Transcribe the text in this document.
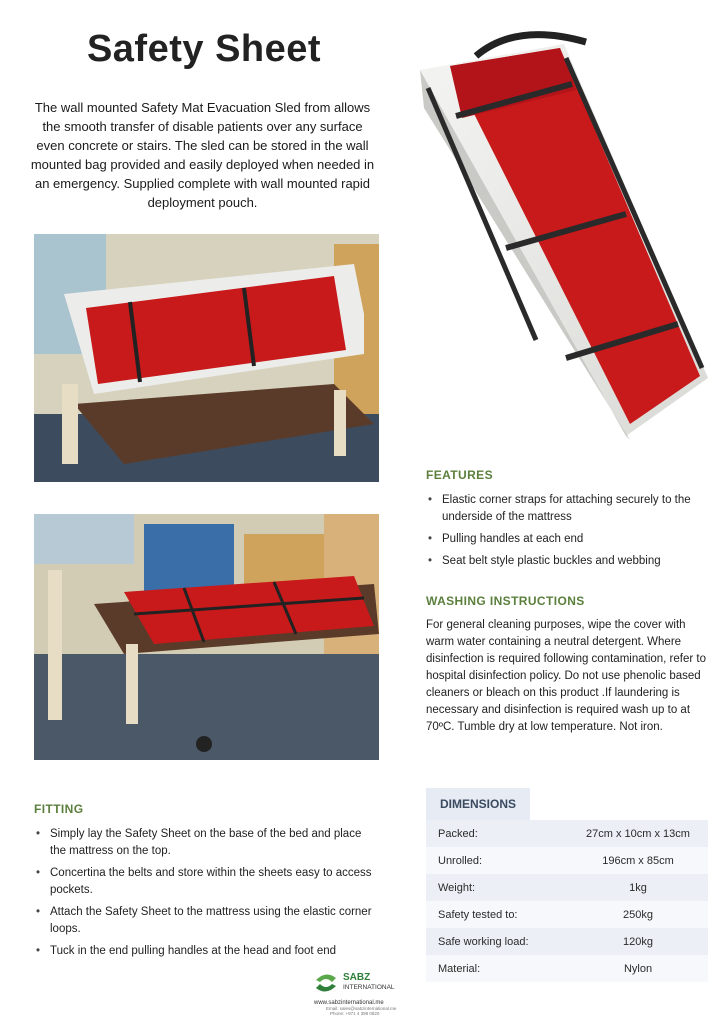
Safety Sheet
The wall mounted Safety Mat Evacuation Sled from allows the smooth transfer of disable patients over any surface even concrete or stairs. The sled can be stored in the wall mounted bag provided and easily deployed when needed in an emergency. Supplied complete with wall mounted rapid deployment pouch.
FEATURES
• Elastic corner straps for attaching securely to the underside of the mattress
• Pulling handles at each end
• Seat belt style plastic buckles and webbing
WASHING INSTRUCTIONS
For general cleaning purposes, wipe the cover with warm water containing a neutral detergent. Where disinfection is required following contamination, refer to hospital disinfection policy. Do not use phenolic based cleaners or bleach on this product .If laundering is necessary and disinfection is required wash up to at 70ºC. Tumble dry at low temperature. Not iron.
FITTING
• Simply lay the Safety Sheet on the base of the bed and place the mattress on the top.
• Concertina the belts and store within the sheets easy to access pockets.
• Attach the Safety Sheet to the mattress using the elastic corner loops.
• Tuck in the end pulling handles at the head and foot end
DIMENSIONS
Packed:	27cm x 10cm x 13cm
Unrolled:	196cm x 85cm
Weight:	1kg
Safety tested to:	250kg
Safe working load:	120kg
Material:	Nylon
SABZ
INTERNATIONAL
www.sabzinternational.me
Email: sales@sabzinternational.me
Phone: +971 4 398 0820
